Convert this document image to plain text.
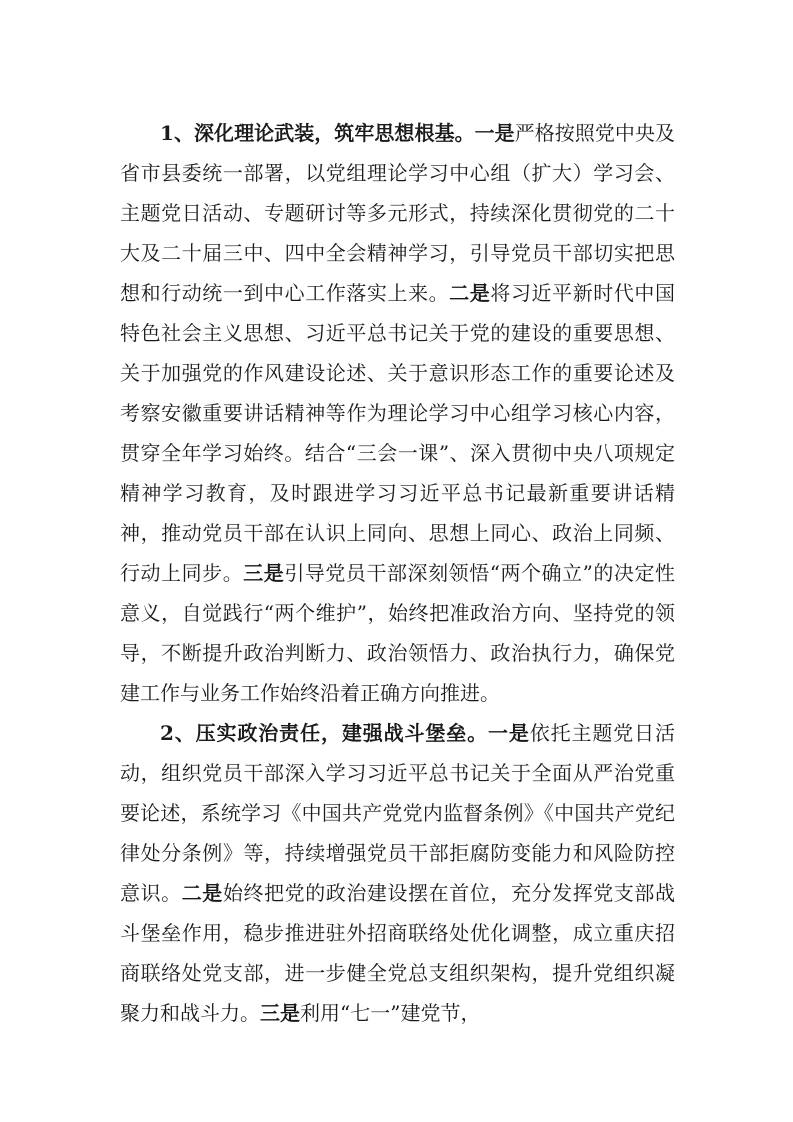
1、深化理论武装，筑牢思想根基。一是严格按照党中央及省市县委统一部署，以党组理论学习中心组（扩大）学习会、主题党日活动、专题研讨等多元形式，持续深化贯彻党的二十大及二十届三中、四中全会精神学习，引导党员干部切实把思想和行动统一到中心工作落实上来。二是将习近平新时代中国特色社会主义思想、习近平总书记关于党的建设的重要思想、关于加强党的作风建设论述、关于意识形态工作的重要论述及考察安徽重要讲话精神等作为理论学习中心组学习核心内容，贯穿全年学习始终。结合“三会一课”、深入贯彻中央八项规定精神学习教育，及时跟进学习习近平总书记最新重要讲话精神，推动党员干部在认识上同向、思想上同心、政治上同频、行动上同步。三是引导党员干部深刻领悟“两个确立”的决定性意义，自觉践行“两个维护”，始终把准政治方向、坚持党的领导，不断提升政治判断力、政治领悟力、政治执行力，确保党建工作与业务工作始终沿着正确方向推进。

2、压实政治责任，建强战斗堡垒。一是依托主题党日活动，组织党员干部深入学习习近平总书记关于全面从严治党重要论述，系统学习《中国共产党党内监督条例》《中国共产党纪律处分条例》等，持续增强党员干部拒腐防变能力和风险防控意识。二是始终把党的政治建设摆在首位，充分发挥党支部战斗堡垒作用，稳步推进驻外招商联络处优化调整，成立重庆招商联络处党支部，进一步健全党总支组织架构，提升党组织凝聚力和战斗力。三是利用“七一”建党节，
